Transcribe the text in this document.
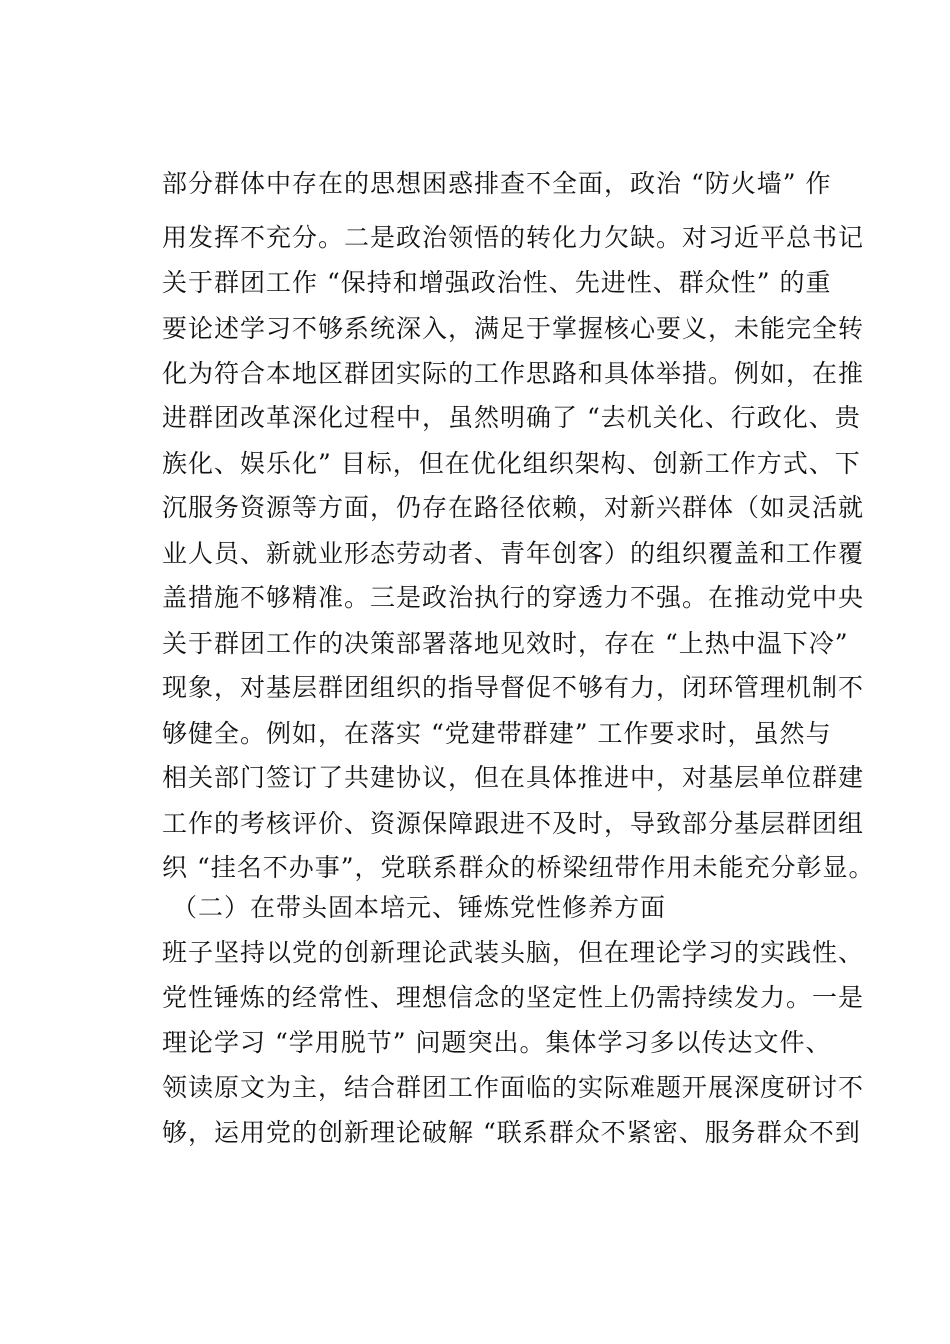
部分群体中存在的思想困惑排查不全面，政治 “防火墙” 作
用发挥不充分。二是政治领悟的转化力欠缺。对习近平总书记
关于群团工作 “保持和增强政治性、先进性、群众性” 的重
要论述学习不够系统深入，满足于掌握核心要义，未能完全转
化为符合本地区群团实际的工作思路和具体举措。例如，在推
进群团改革深化过程中，虽然明确了 “去机关化、行政化、贵
族化、娱乐化” 目标，但在优化组织架构、创新工作方式、下
沉服务资源等方面，仍存在路径依赖，对新兴群体（如灵活就
业人员、新就业形态劳动者、青年创客）的组织覆盖和工作覆
盖措施不够精准。三是政治执行的穿透力不强。在推动党中央
关于群团工作的决策部署落地见效时，存在 “上热中温下冷”
现象，对基层群团组织的指导督促不够有力，闭环管理机制不
够健全。例如，在落实 “党建带群建” 工作要求时，虽然与
相关部门签订了共建协议，但在具体推进中，对基层单位群建
工作的考核评价、资源保障跟进不及时，导致部分基层群团组
织 “挂名不办事”，党联系群众的桥梁纽带作用未能充分彰显。
（二）在带头固本培元、锤炼党性修养方面
班子坚持以党的创新理论武装头脑，但在理论学习的实践性、
党性锤炼的经常性、理想信念的坚定性上仍需持续发力。一是
理论学习 “学用脱节” 问题突出。集体学习多以传达文件、
领读原文为主，结合群团工作面临的实际难题开展深度研讨不
够，运用党的创新理论破解 “联系群众不紧密、服务群众不到
